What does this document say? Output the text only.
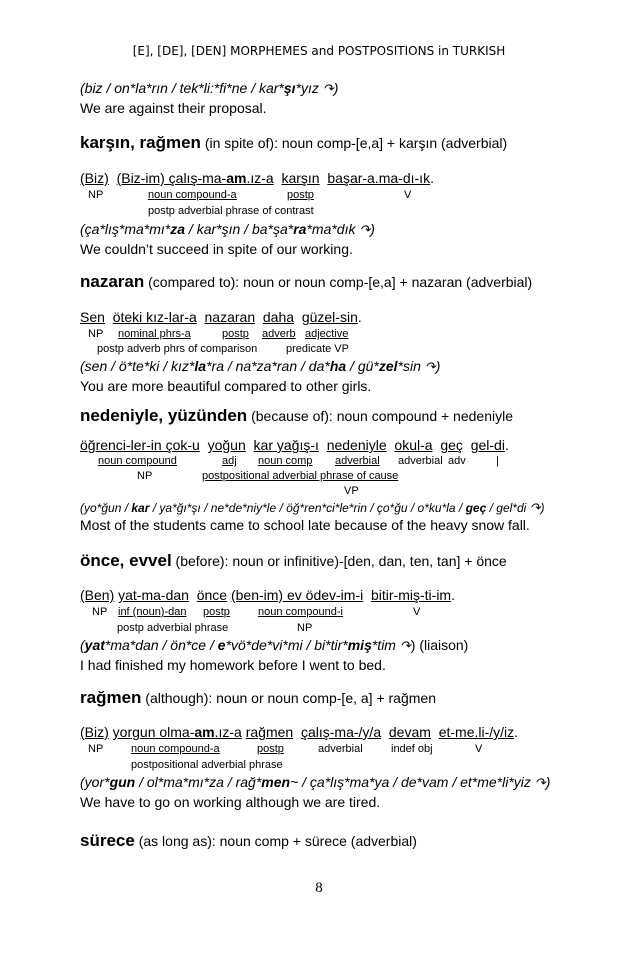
[E], [DE], [DEN] MORPHEMES and POSTPOSITIONS in TURKISH
(biz / on*la*rın / tek*li:*fi*ne / kar*şı*yız ↷)
We are against their proposal.
karşın, rağmen (in spite of): noun comp-[e,a] + karşın (adverbial)
(Biz) (Biz-im) çalış-ma-am.ız-a karşın başar-a.ma-dı-ık.
NP	noun compound-a	postp	V
postp adverbial phrase of contrast
(ça*lış*ma*mı*za / kar*şın / ba*şa*ra*ma*dık ↷)
We couldn’t succeed in spite of our working.
nazaran (compared to): noun or noun comp-[e,a] + nazaran (adverbial)
Sen öteki kız-lar-a nazaran daha güzel-sin.
NP nominal phrs-a	postp adverb adjective
postp adverb phrs of comparison	predicate VP
(sen / ö*te*ki / kız*la*ra / na*za*ran / da*ha / gü*zel*sin ↷)
You are more beautiful compared to other girls.
nedeniyle, yüzünden (because of): noun compound + nedeniyle
öğrenci-ler-in çok-u yoğun kar yağış-ı nedeniyle okul-a geç gel-di.
noun compound	adj noun comp adverbial adverbial adv	|
NP	postpositional adverbial phrase of cause
VP
(yo*ğun / kar / ya*ğı*şı / ne*de*niy*le / öğ*ren*ci*le*rin / ço*ğu / o*ku*la / geç / gel*di ↷)
Most of the students came to school late because of the heavy snow fall.
önce, evvel (before): noun or infinitive)-[den, dan, ten, tan] + önce
(Ben) yat-ma-dan önce (ben-im) ev ödev-im-i bitir-miş-ti-im.
NP inf (noun)-dan postp	noun compound-i	V
postp adverbial phrase	NP
(yat*ma*dan / ön*ce / e*vö*de*vi*mi / bi*tir*miş*tim ↷) (liaison)
I had finished my homework before I went to bed.
rağmen (although): noun or noun comp-[e, a] + rağmen
(Biz) yorgun olma-am.ız-a rağmen çalış-ma-/y/a devam et-me.li-/y/iz.
NP	noun compound-a	postp	adverbial	indef obj	V
postpositional adverbial phrase
(yor*gun / ol*ma*mı*za / rağ*men~ / ça*lış*ma*ya / de*vam / et*me*li*yiz ↷)
We have to go on working although we are tired.
sürece (as long as): noun comp + sürece (adverbial)
8
